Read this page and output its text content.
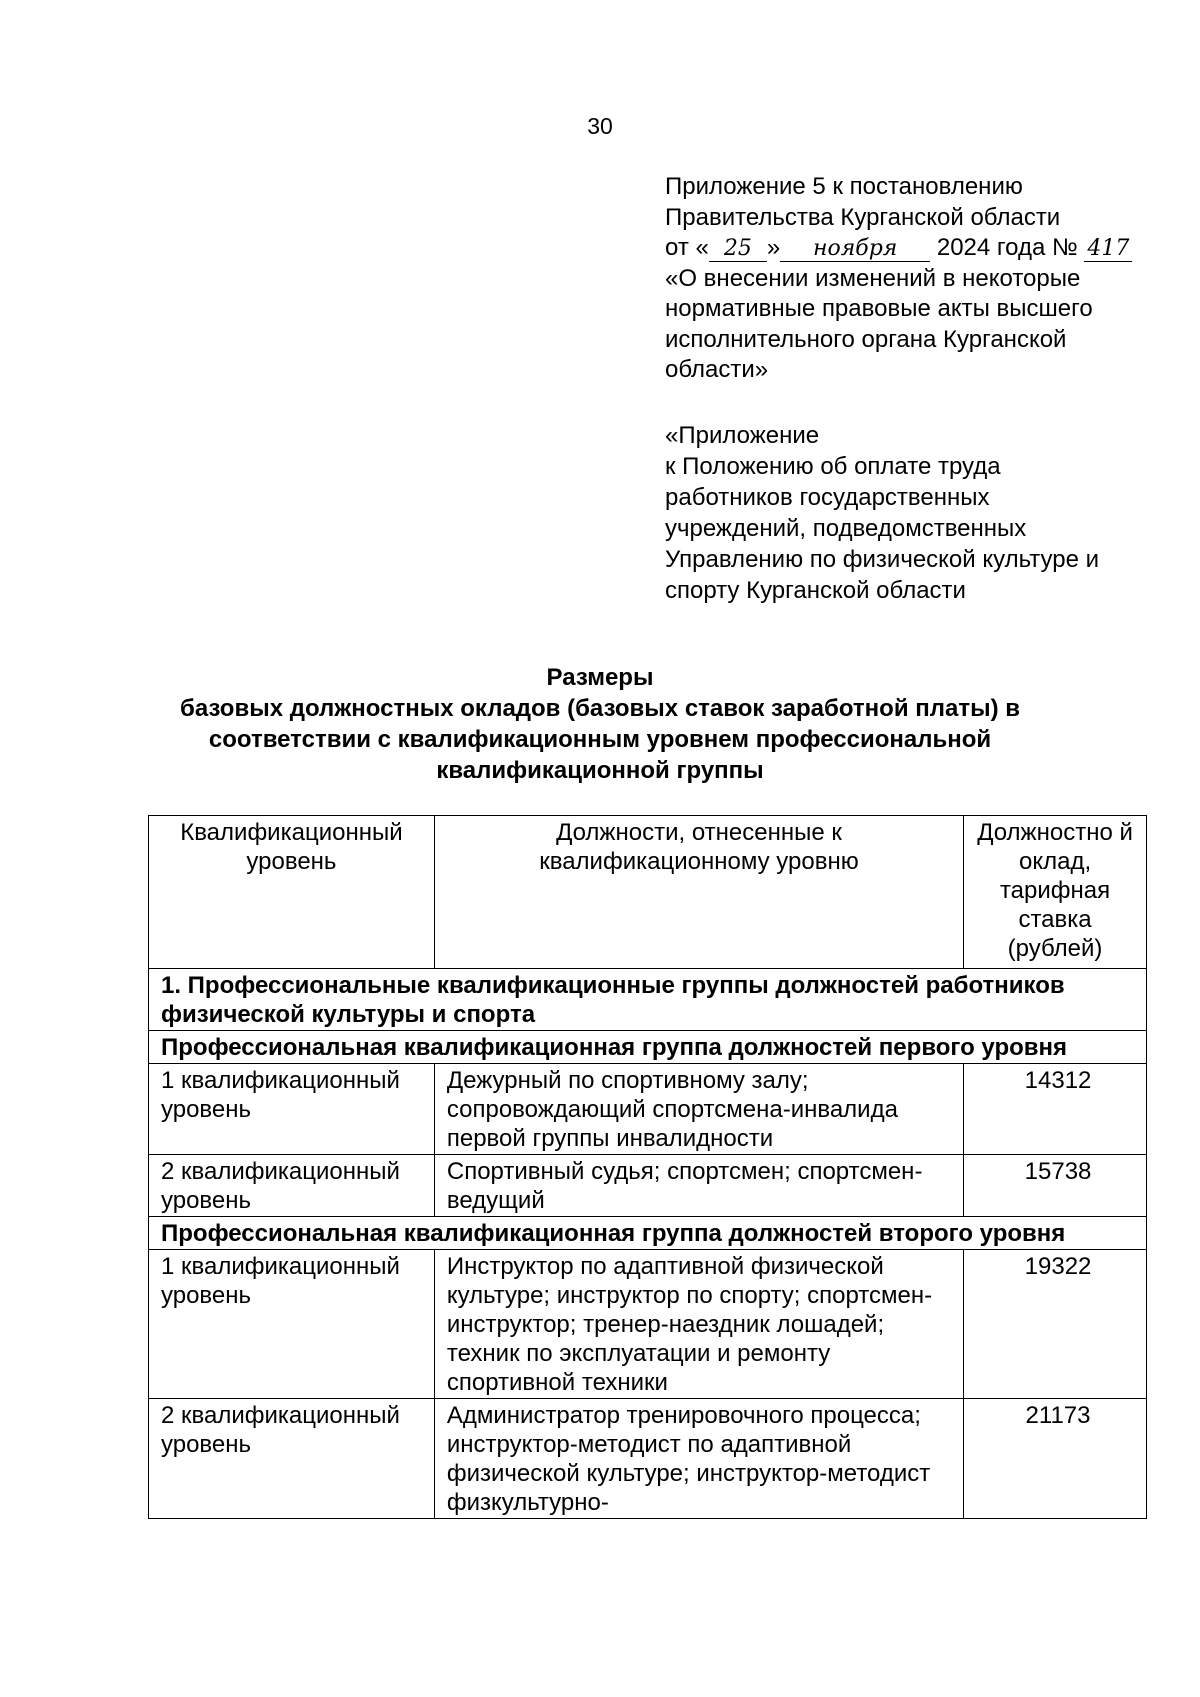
30
Приложение 5 к постановлению
Правительства Курганской области
от « 25 » ноября 2024 года № 417
«О внесении изменений в некоторые
нормативные правовые акты высшего
исполнительного органа Курганской
области»
«Приложение
к Положению об оплате труда
работников государственных
учреждений, подведомственных
Управлению по физической культуре и
спорту Курганской области
Размеры
базовых должностных окладов (базовых ставок заработной платы) в
соответствии с квалификационным уровнем профессиональной
квалификационной группы
Квалификационный уровень	Должности, отнесенные к квалификационному уровню	Должностно й оклад, тарифная ставка (рублей)
1. Профессиональные квалификационные группы должностей работников физической культуры и спорта		
Профессиональная квалификационная группа должностей первого уровня		
1 квалификационный уровень	Дежурный по спортивному залу; сопровождающий спортсмена-инвалида первой группы инвалидности	14312
2 квалификационный уровень	Спортивный судья; спортсмен; спортсмен-ведущий	15738
Профессиональная квалификационная группа должностей второго уровня		
1 квалификационный уровень	Инструктор по адаптивной физической культуре; инструктор по спорту; спортсмен-инструктор; тренер-наездник лошадей; техник по эксплуатации и ремонту спортивной техники	19322
2 квалификационный уровень	Администратор тренировочного процесса; инструктор-методист по адаптивной физической культуре; инструктор-методист физкультурно-	21173
